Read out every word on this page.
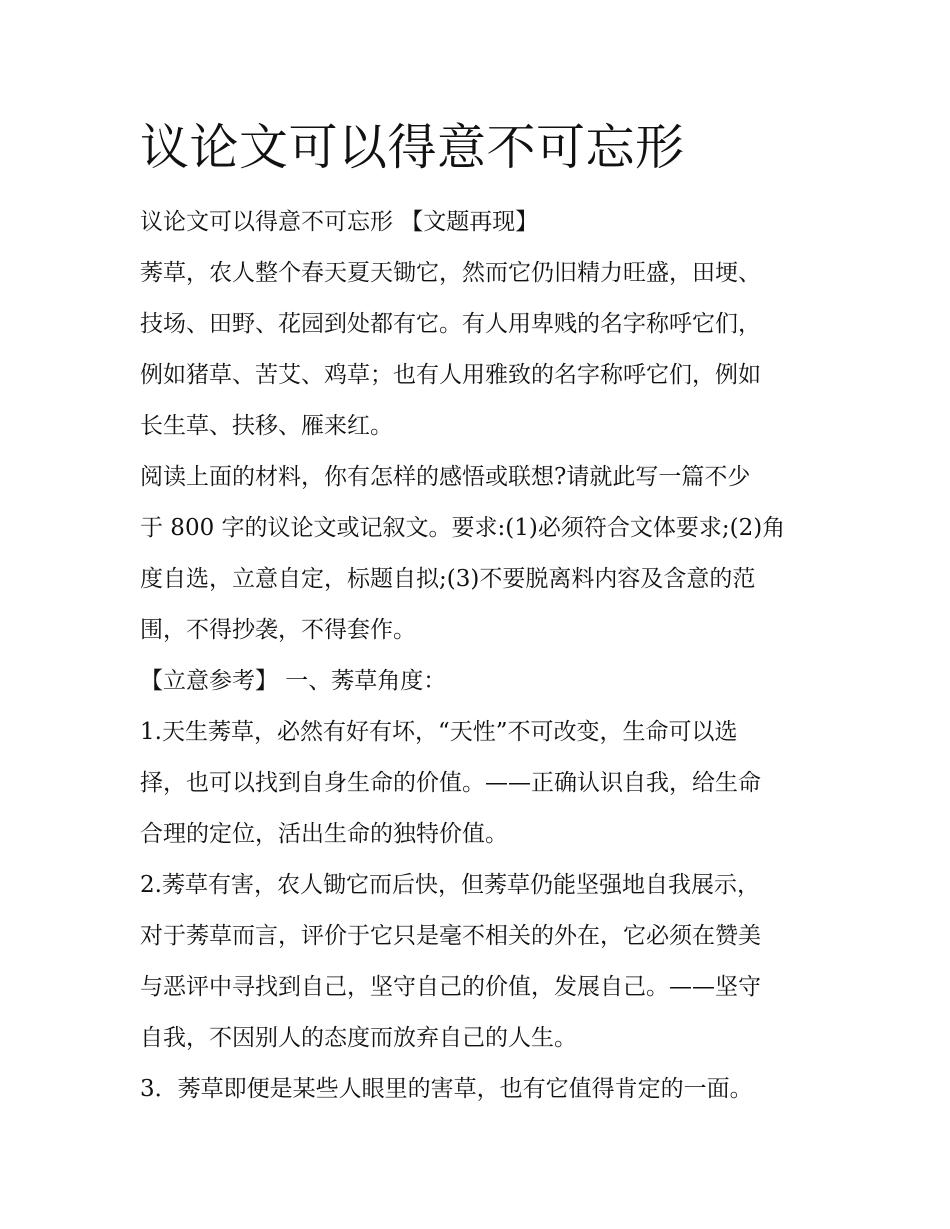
议论文可以得意不可忘形
议论文可以得意不可忘形 【文题再现】
莠草，农人整个春天夏天锄它，然而它仍旧精力旺盛，田埂、
技场、田野、花园到处都有它。有人用卑贱的名字称呼它们，
例如猪草、苦艾、鸡草；也有人用雅致的名字称呼它们，例如
长生草、扶移、雁来红。
阅读上面的材料，你有怎样的感悟或联想?请就此写一篇不少
于 800 字的议论文或记叙文。要求:(1)必须符合文体要求;(2)角
度自选，立意自定，标题自拟;(3)不要脱离料内容及含意的范
围，不得抄袭，不得套作。
【立意参考】 一、莠草角度：
1.天生莠草，必然有好有坏，“天性”不可改变，生命可以选
择，也可以找到自身生命的价值。——正确认识自我，给生命
合理的定位，活出生命的独特价值。
2.莠草有害，农人锄它而后快，但莠草仍能坚强地自我展示，
对于莠草而言，评价于它只是毫不相关的外在，它必须在赞美
与恶评中寻找到自己，坚守自己的价值，发展自己。——坚守
自我，不因别人的态度而放弃自己的人生。
3．莠草即便是某些人眼里的害草，也有它值得肯定的一面。
